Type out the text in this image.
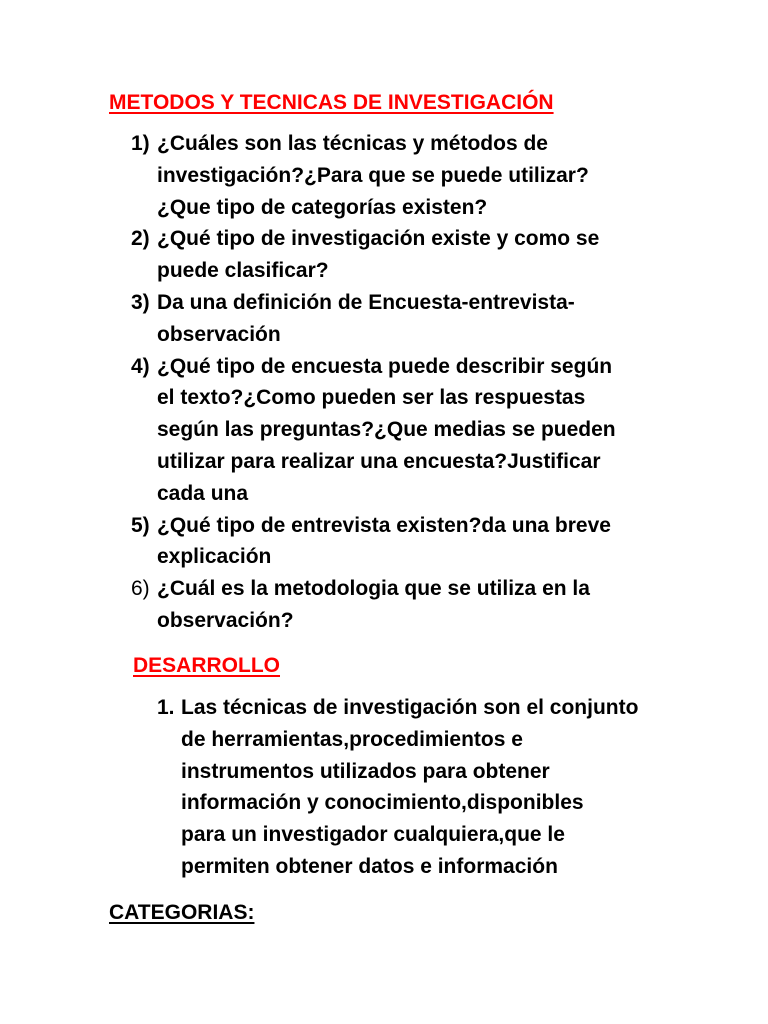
METODOS Y TECNICAS DE INVESTIGACIÓN
1) ¿Cuáles son las técnicas y métodos de
investigación?¿Para que se puede utilizar?
¿Que tipo de categorías existen?
2) ¿Qué tipo de investigación existe y como se
puede clasificar?
3) Da una definición de Encuesta-entrevista-
observación
4) ¿Qué tipo de encuesta puede describir según
el texto?¿Como pueden ser las respuestas
según las preguntas?¿Que medias se pueden
utilizar para realizar una encuesta?Justificar
cada una
5) ¿Qué tipo de entrevista existen?da una breve
explicación
6) ¿Cuál es la metodologia que se utiliza en la
observación?
DESARROLLO
1. Las técnicas de investigación son el conjunto
de herramientas,procedimientos e
instrumentos utilizados para obtener
información y conocimiento,disponibles
para un investigador cualquiera,que le
permiten obtener datos e información
CATEGORIAS:
